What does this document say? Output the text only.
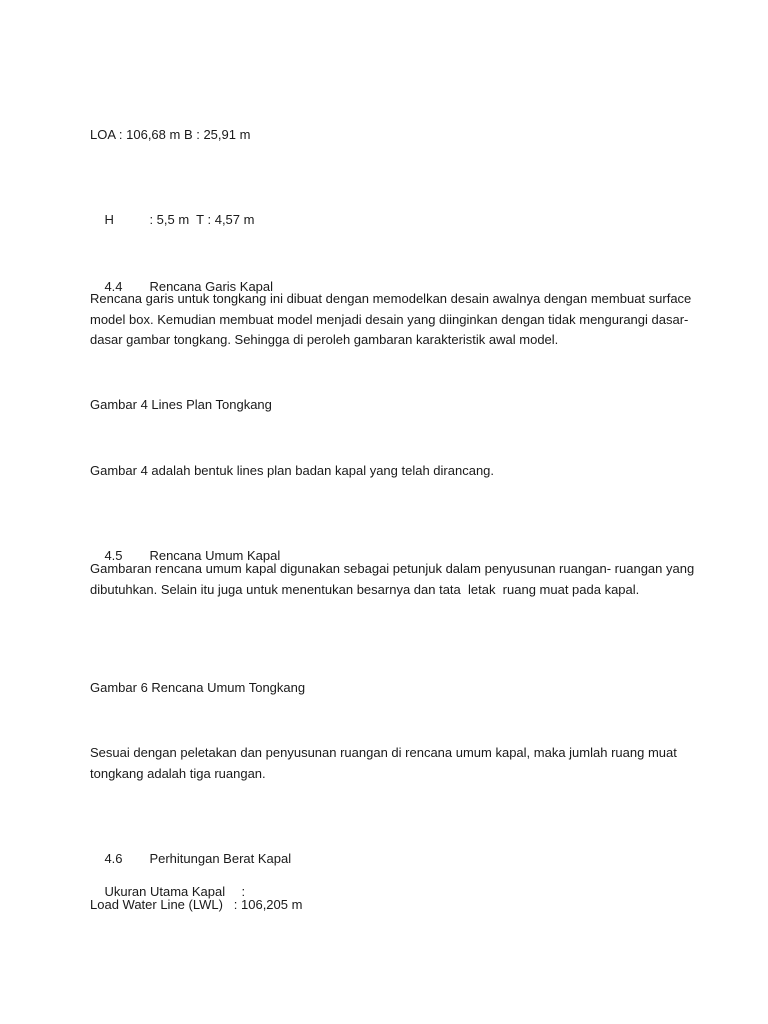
LOA : 106,68 m B : 25,91 m

H	: 5,5 m  T : 4,57 m

4.4 Rencana Garis Kapal

Rencana garis untuk tongkang ini dibuat dengan memodelkan desain awalnya dengan membuat surface
model box. Kemudian membuat model menjadi desain yang diinginkan dengan tidak mengurangi dasar-
dasar gambar tongkang. Sehingga di peroleh gambaran karakteristik awal model.
Gambar 4 Lines Plan Tongkang
Gambar 4 adalah bentuk lines plan badan kapal yang telah dirancang.

4.5 Rencana Umum Kapal

Gambaran rencana umum kapal digunakan sebagai petunjuk dalam penyusunan ruangan- ruangan yang
dibutuhkan. Selain itu juga untuk menentukan besarnya dan tata  letak  ruang muat pada kapal.
Gambar 6 Rencana Umum Tongkang
Sesuai dengan peletakan dan penyusunan ruangan di rencana umum kapal, maka jumlah ruang muat
tongkang adalah tiga ruangan.

4.6 Perhitungan Berat Kapal

Ukuran Utama Kapal :

Load Water Line (LWL)   : 106,205 m
